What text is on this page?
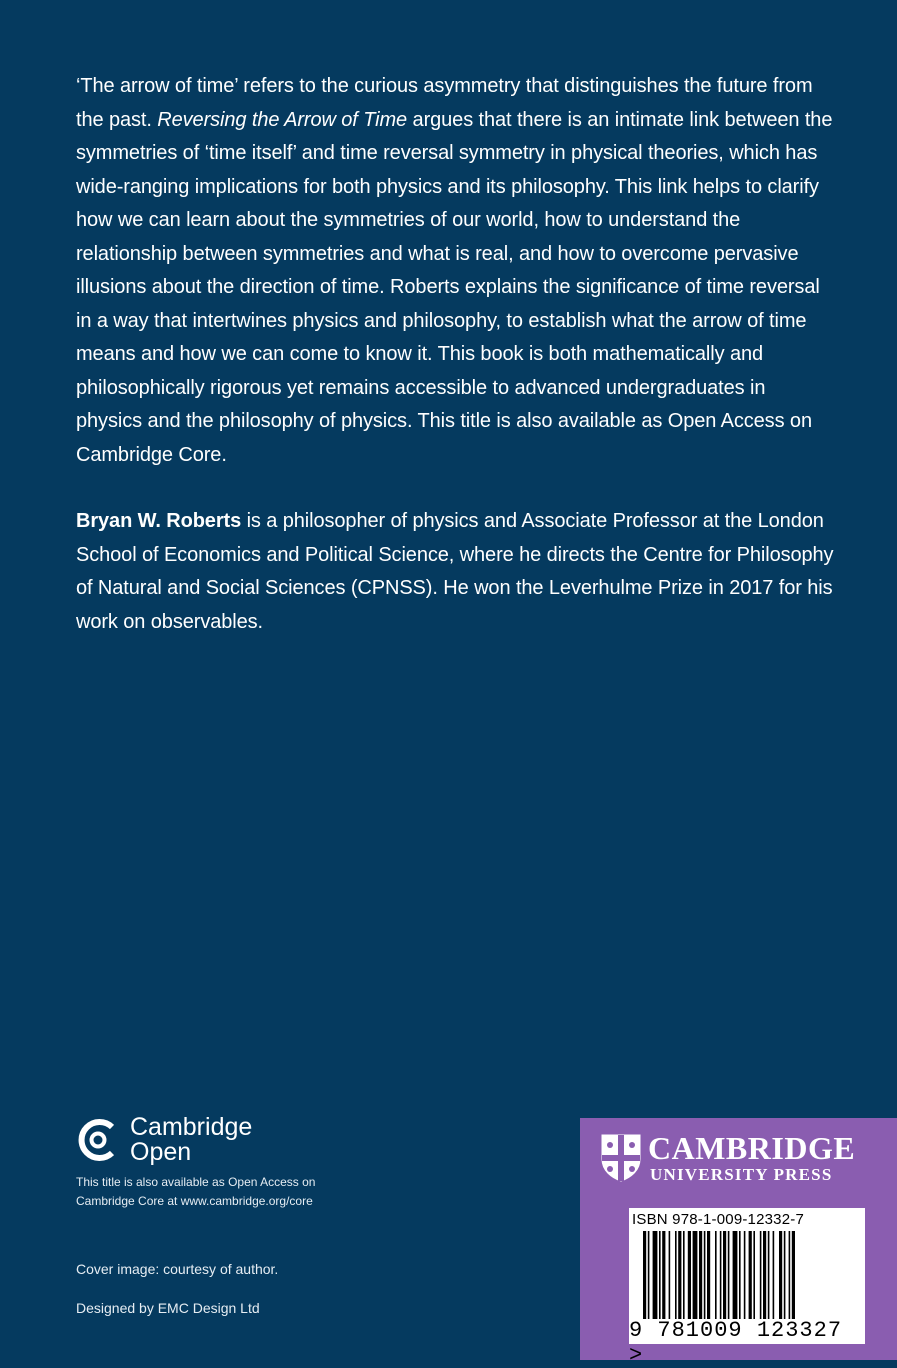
‘The arrow of time’ refers to the curious asymmetry that distinguishes the future from the past. Reversing the Arrow of Time argues that there is an intimate link between the symmetries of ‘time itself’ and time reversal symmetry in physical theories, which has wide-ranging implications for both physics and its philosophy. This link helps to clarify how we can learn about the symmetries of our world, how to understand the relationship between symmetries and what is real, and how to overcome pervasive illusions about the direction of time. Roberts explains the significance of time reversal in a way that intertwines physics and philosophy, to establish what the arrow of time means and how we can come to know it. This book is both mathematically and philosophically rigorous yet remains accessible to advanced undergraduates in physics and the philosophy of physics. This title is also available as Open Access on Cambridge Core.

Bryan W. Roberts is a philosopher of physics and Associate Professor at the London School of Economics and Political Science, where he directs the Centre for Philosophy of Natural and Social Sciences (CPNSS). He won the Leverhulme Prize in 2017 for his work on observables.

Cambridge
Open
This title is also available as Open Access on Cambridge Core at www.cambridge.org/core
Cover image: courtesy of author.
Designed by EMC Design Ltd
CAMBRIDGE
UNIVERSITY PRESS
ISBN 978-1-009-12332-7
9 781009 123327 >
